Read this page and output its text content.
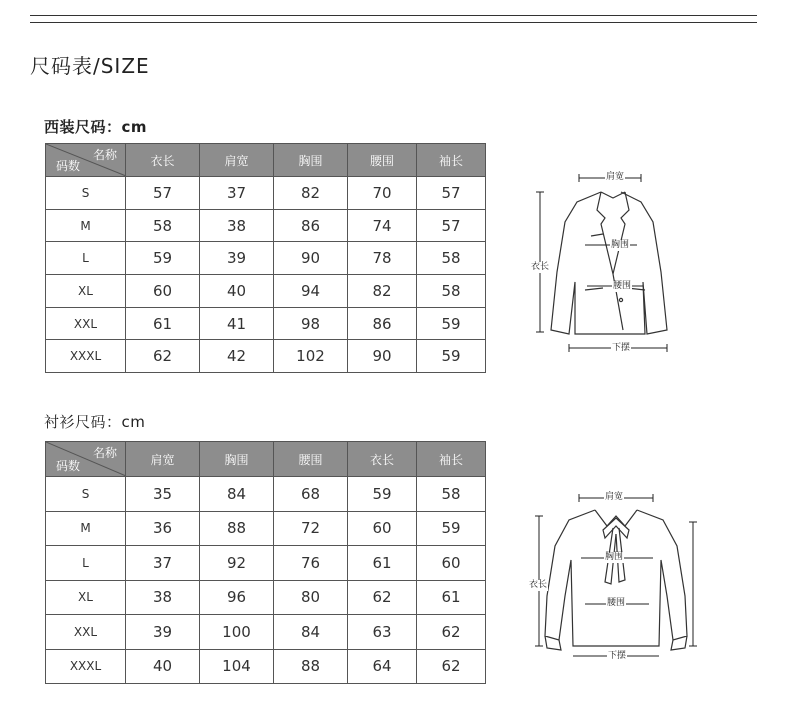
尺码表/SIZE
西装尺码：cm
名称
码数	衣长	肩宽	胸围	腰围	袖长
S	57	37	82	70	57
M	58	38	86	74	57
L	59	39	90	78	58
XL	60	40	94	82	58
XXL	61	41	98	86	59
XXXL	62	42	102	90	59
肩宽
胸围
腰围
衣长
下摆
衬衫尺码：cm
名称
码数	肩宽	胸围	腰围	衣长	袖长
S	35	84	68	59	58
M	36	88	72	60	59
L	37	92	76	61	60
XL	38	96	80	62	61
XXL	39	100	84	63	62
XXXL	40	104	88	64	62
肩宽
胸围
腰围
衣长
下摆
